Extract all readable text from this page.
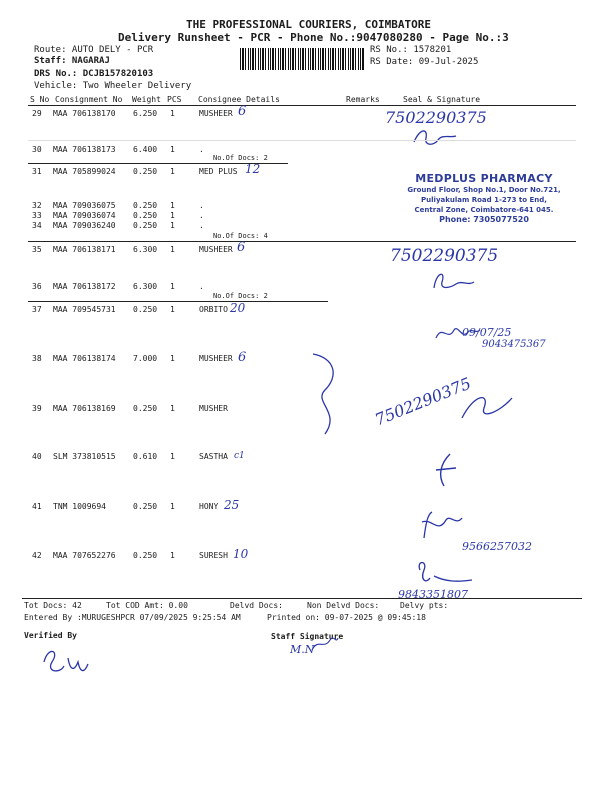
THE PROFESSIONAL COURIERS, COIMBATORE
Delivery Runsheet - PCR - Phone No.:9047080280 - Page No.:3
Route: AUTO DELY - PCR
Staff: NAGARAJ
DRS No.: DCJB157820103
Vehicle: Two Wheeler Delivery
RS No.: 1578201
RS Date: 09-Jul-2025
S No Consignment No Weight PCS Consignee Details	Remarks	Seal & Signature
29 MAA 706138170 6.250 1	MUSHEER 6	7502290375
30 MAA 706138173 6.400 1	.
No.Of Docs: 2
31 MAA 705899024 0.250 1	MED PLUS 12
MEDPLUS PHARMACY
Ground Floor, Shop No.1, Door No.721,
Puliyakulam Road 1-273 to End,
Central Zone, Coimbatore-641 045.
Phone: 7305077520
32 MAA 709036075 0.250 1	.
33 MAA 709036074 0.250 1	.
34 MAA 709036240 0.250 1	.
No.Of Docs: 4
35 MAA 706138171 6.300 1	MUSHEER 6	7502290375
36 MAA 706138172 6.300 1	.
No.Of Docs: 2
37 MAA 709545731 0.250 1	ORBITO 20
09/07/25
9043475367
38 MAA 706138174 7.000 1	MUSHEER 6
7502290375
39 MAA 706138169 0.250 1	MUSHER
40 SLM 373810515 0.610 1	SASTHA c1
41 TNM 1009694	0.250 1	HONY 25
9566257032
42 MAA 707652276 0.250 1	SURESH 10
9843351807
Tot Docs: 42	Tot COD Amt: 0.00	Delvd Docs:	Non Delvd Docs:	Delvy pts:
Entered By :MURUGESHPCR 07/09/2025 9:25:54 AM	Printed on: 09-07-2025 @ 09:45:18
Verified By	Staff Signature
M.N
